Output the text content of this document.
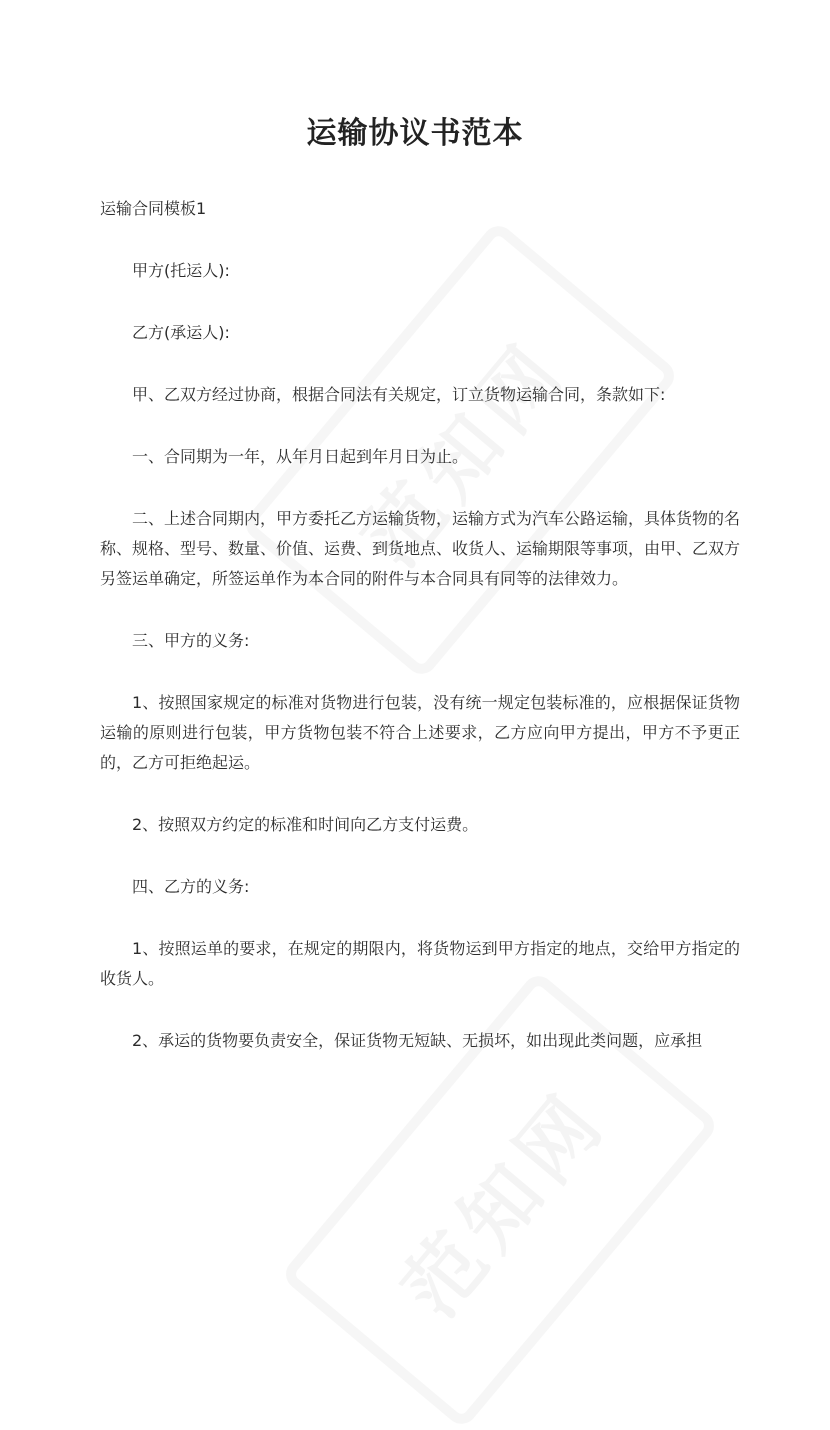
运输协议书范本

运输合同模板1

甲方(托运人):

乙方(承运人):

甲、乙双方经过协商，根据合同法有关规定，订立货物运输合同，条款如下:

一、合同期为一年，从年月日起到年月日为止。

二、上述合同期内，甲方委托乙方运输货物，运输方式为汽车公路运输，具体货物的名称、规格、型号、数量、价值、运费、到货地点、收货人、运输期限等事项，由甲、乙双方另签运单确定，所签运单作为本合同的附件与本合同具有同等的法律效力。

三、甲方的义务:

1、按照国家规定的标准对货物进行包装，没有统一规定包装标准的，应根据保证货物运输的原则进行包装，甲方货物包装不符合上述要求，乙方应向甲方提出，甲方不予更正的，乙方可拒绝起运。

2、按照双方约定的标准和时间向乙方支付运费。

四、乙方的义务:

1、按照运单的要求，在规定的期限内，将货物运到甲方指定的地点，交给甲方指定的收货人。

2、承运的货物要负责安全，保证货物无短缺、无损坏，如出现此类问题，应承担
